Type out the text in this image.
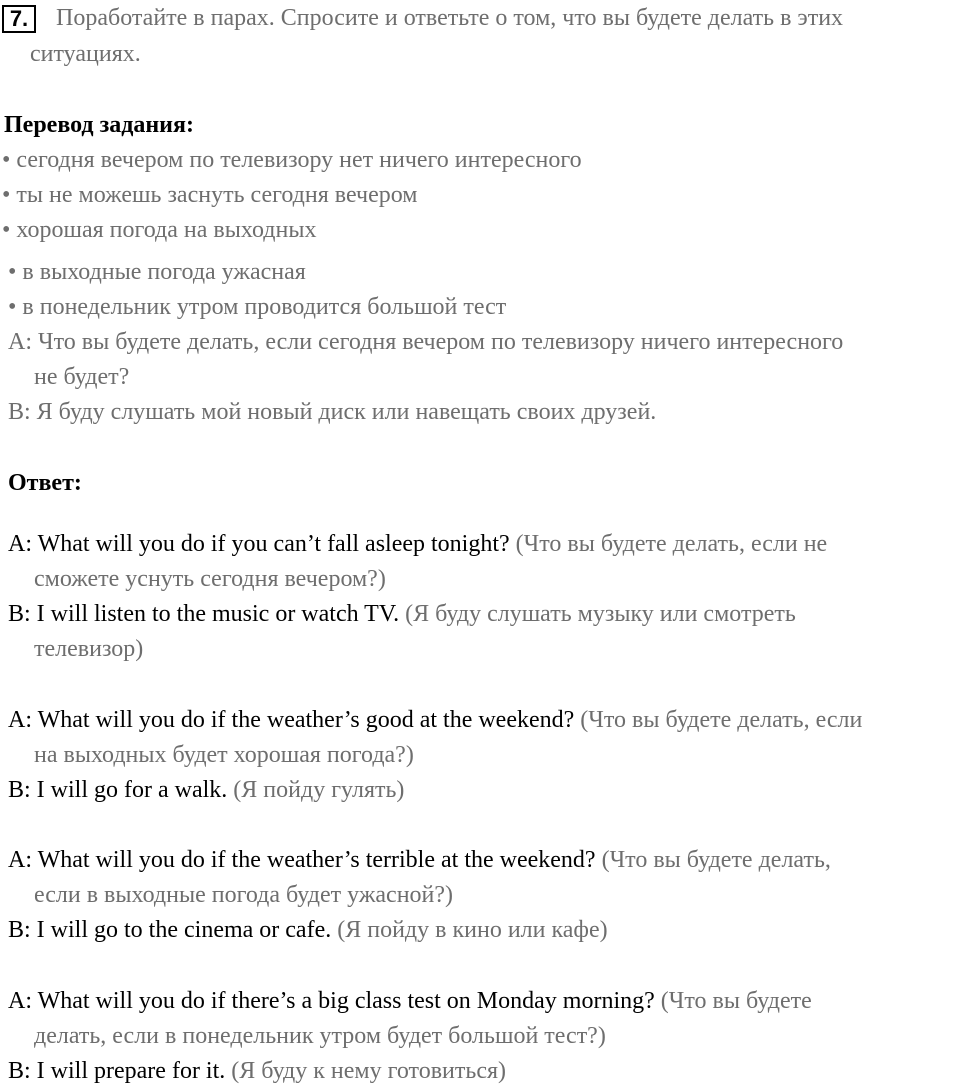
7.	Поработайте в парах. Спросите и ответьте о том, что вы будете делать в этих
ситуациях.
Перевод задания:
• сегодня вечером по телевизору нет ничего интересного
• ты не можешь заснуть сегодня вечером
• хорошая погода на выходных
• в выходные погода ужасная
• в понедельник утром проводится большой тест
A: Что вы будете делать, если сегодня вечером по телевизору ничего интересного
не будет?
B: Я буду слушать мой новый диск или навещать своих друзей.
Ответ:
A: What will you do if you can’t fall asleep tonight? (Что вы будете делать, если не
сможете уснуть сегодня вечером?)
B: I will listen to the music or watch TV. (Я буду слушать музыку или смотреть
телевизор)
A: What will you do if the weather’s good at the weekend? (Что вы будете делать, если
на выходных будет хорошая погода?)
B: I will go for a walk. (Я пойду гулять)
A: What will you do if the weather’s terrible at the weekend? (Что вы будете делать,
если в выходные погода будет ужасной?)
B: I will go to the cinema or cafe. (Я пойду в кино или кафе)
A: What will you do if there’s a big class test on Monday morning? (Что вы будете
делать, если в понедельник утром будет большой тест?)
B: I will prepare for it. (Я буду к нему готовиться)
